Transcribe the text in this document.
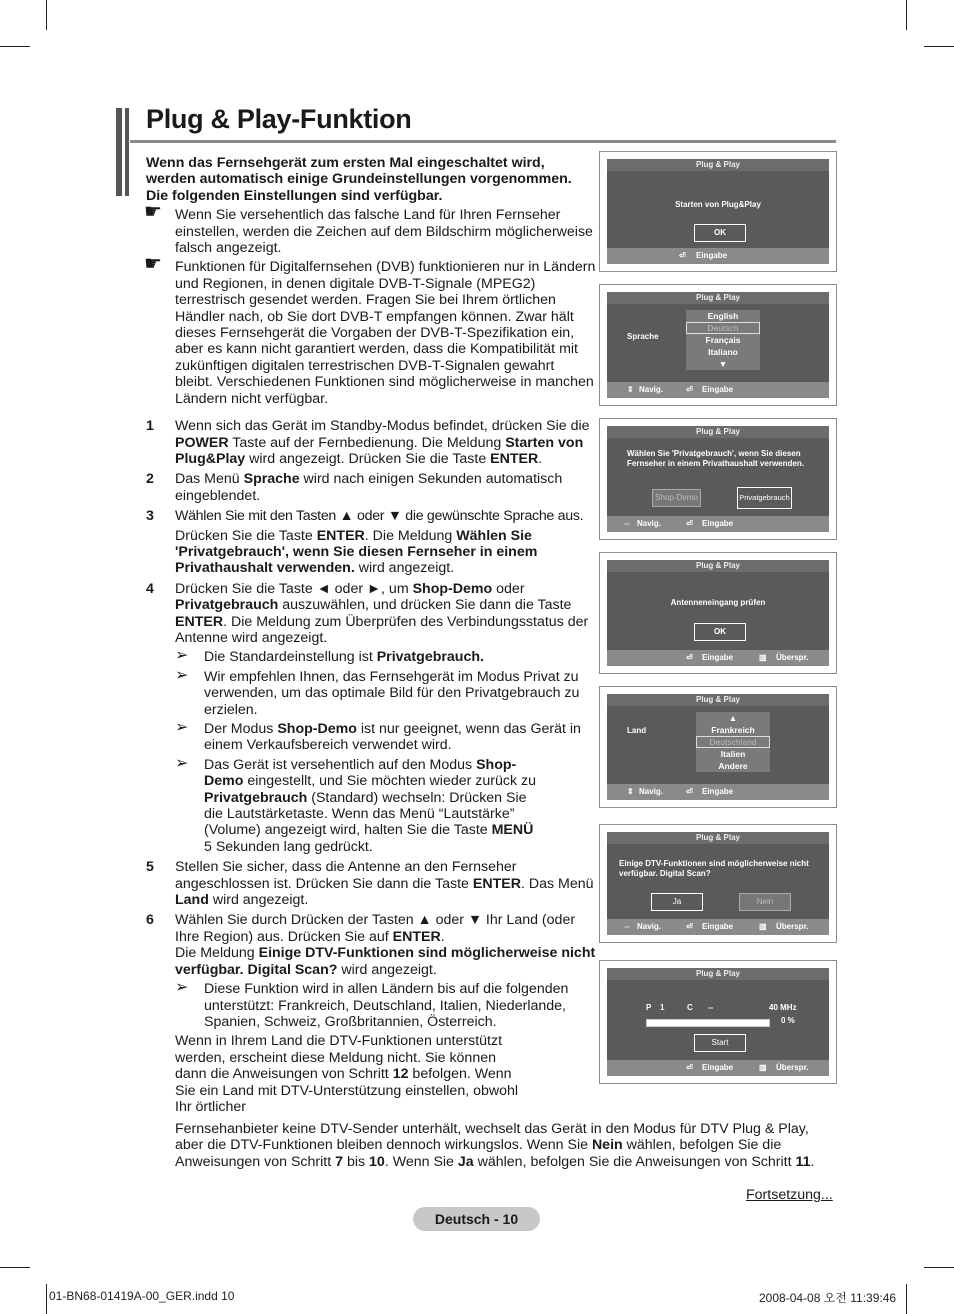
Plug & Play-Funktion

Wenn das Fernsehgerät zum ersten Mal eingeschaltet wird, werden automatisch einige Grundeinstellungen vorgenommen. Die folgenden Einstellungen sind verfügbar.

☛ Wenn Sie versehentlich das falsche Land für Ihren Fernseher einstellen, werden die Zeichen auf dem Bildschirm möglicherweise falsch angezeigt.
☛ Funktionen für Digitalfernsehen (DVB) funktionieren nur in Ländern und Regionen, in denen digitale DVB-T-Signale (MPEG2) terrestrisch gesendet werden. Fragen Sie bei Ihrem örtlichen Händler nach, ob Sie dort DVB-T empfangen können. Zwar hält dieses Fernsehgerät die Vorgaben der DVB-T-Spezifikation ein, aber es kann nicht garantiert werden, dass die Kompatibilität mit zukünftigen digitalen terrestrischen DVB-T-Signalen gewahrt bleibt. Verschiedenen Funktionen sind möglicherweise in manchen Ländern nicht verfügbar.
1 Wenn sich das Gerät im Standby-Modus befindet, drücken Sie die POWER Taste auf der Fernbedienung. Die Meldung Starten von Plug&Play wird angezeigt. Drücken Sie die Taste ENTER.
2 Das Menü Sprache wird nach einigen Sekunden automatisch eingeblendet.
3 Wählen Sie mit den Tasten ▲ oder ▼ die gewünschte Sprache aus.

Drücken Sie die Taste ENTER. Die Meldung Wählen Sie 'Privatgebrauch', wenn Sie diesen Fernseher in einem Privathaushalt verwenden. wird angezeigt.

4 Drücken Sie die Taste ◄ oder ►, um Shop-Demo oder Privatgebrauch auszuwählen, und drücken Sie dann die Taste ENTER. Die Meldung zum Überprüfen des Verbindungsstatus der Antenne wird angezeigt.
➢ Die Standardeinstellung ist Privatgebrauch.
➢ Wir empfehlen Ihnen, das Fernsehgerät im Modus Privat zu verwenden, um das optimale Bild für den Privatgebrauch zu erzielen.
➢ Der Modus Shop-Demo ist nur geeignet, wenn das Gerät in einem Verkaufsbereich verwendet wird.
➢ Das Gerät ist versehentlich auf den Modus Shop-Demo eingestellt, und Sie möchten wieder zurück zu Privatgebrauch (Standard) wechseln: Drücken Sie die Lautstärketaste. Wenn das Menü “Lautstärke” (Volume) angezeigt wird, halten Sie die Taste MENÜ 5 Sekunden lang gedrückt.
5 Stellen Sie sicher, dass die Antenne an den Fernseher angeschlossen ist. Drücken Sie dann die Taste ENTER. Das Menü Land wird angezeigt.
6 Wählen Sie durch Drücken der Tasten ▲ oder ▼ Ihr Land (oder Ihre Region) aus. Drücken Sie auf ENTER.

Die Meldung Einige DTV-Funktionen sind möglicherweise nicht verfügbar. Digital Scan? wird angezeigt.

➢ Diese Funktion wird in allen Ländern bis auf die folgenden unterstützt: Frankreich, Deutschland, Italien, Niederlande, Spanien, Schweiz, Großbritannien, Österreich.

Wenn in Ihrem Land die DTV-Funktionen unterstützt werden, erscheint diese Meldung nicht. Sie können dann die Anweisungen von Schritt 12 befolgen. Wenn Sie ein Land mit DTV-Unterstützung einstellen, obwohl Ihr örtlicher

Fernsehanbieter keine DTV-Sender unterhält, wechselt das Gerät in den Modus für DTV Plug & Play, aber die DTV-Funktionen bleiben dennoch wirkungslos. Wenn Sie Nein wählen, befolgen Sie die Anweisungen von Schritt 7 bis 10. Wenn Sie Ja wählen, befolgen Sie die Anweisungen von Schritt 11.
Fortsetzung...
Deutsch - 10
01-BN68-01419A-00_GER.indd 10	2008-04-08 오전 11:39:46
Plug & Play
Starten von Plug&Play
OK
⏎ Eingabe
Plug & Play
Sprache
English
Deutsch
Français
Italiano
▼
⇕ Navig.	⏎ Eingabe
Plug & Play
Wählen Sie 'Privatgebrauch', wenn Sie diesen Fernseher in einem Privathaushalt verwenden.
Shop-Demo	Privatgebrauch
⇔ Navig.	⏎ Eingabe
Plug & Play
Antenneneingang prüfen
OK
⏎ Eingabe	▥ Überspr.
Plug & Play
Land
▲
Frankreich
Deutschland
Italien
Andere
⇕ Navig.	⏎ Eingabe
Plug & Play
Einige DTV-Funktionen sind möglicherweise nicht verfügbar. Digital Scan?
Ja	Nein
⇔ Navig.	⏎ Eingabe	▥ Überspr.
Plug & Play
P 1	C --	40 MHz
0 %
Start
⏎ Eingabe	▥ Überspr.
